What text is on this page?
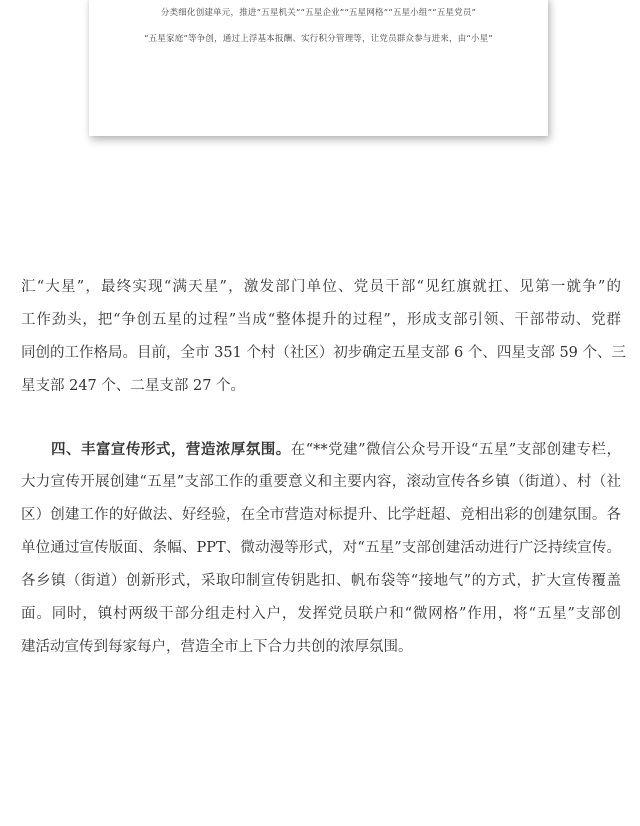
分类细化创建单元，推进“五星机关”“五星企业”“五星网格”“五星小组”“五星党员”
“五星家庭”等争创，通过上浮基本报酬、实行积分管理等，让党员群众参与进来，由“小星”
汇“大星”，最终实现“满天星”，激发部门单位、党员干部“见红旗就扛、见第一就争”的
工作劲头，把“争创五星的过程”当成“整体提升的过程”，形成支部引领、干部带动、党群
同创的工作格局。目前，全市 351 个村（社区）初步确定五星支部 6 个、四星支部 59 个、三
星支部 247 个、二星支部 27 个。
四、丰富宣传形式，营造浓厚氛围。在“**党建”微信公众号开设“五星”支部创建专栏，
大力宣传开展创建“五星”支部工作的重要意义和主要内容，滚动宣传各乡镇（街道）、村（社
区）创建工作的好做法、好经验，在全市营造对标提升、比学赶超、竞相出彩的创建氛围。各
单位通过宣传版面、条幅、PPT、微动漫等形式，对“五星”支部创建活动进行广泛持续宣传。
各乡镇（街道）创新形式，采取印制宣传钥匙扣、帆布袋等“接地气”的方式，扩大宣传覆盖
面。同时，镇村两级干部分组走村入户，发挥党员联户和“微网格”作用，将“五星”支部创
建活动宣传到每家每户，营造全市上下合力共创的浓厚氛围。
